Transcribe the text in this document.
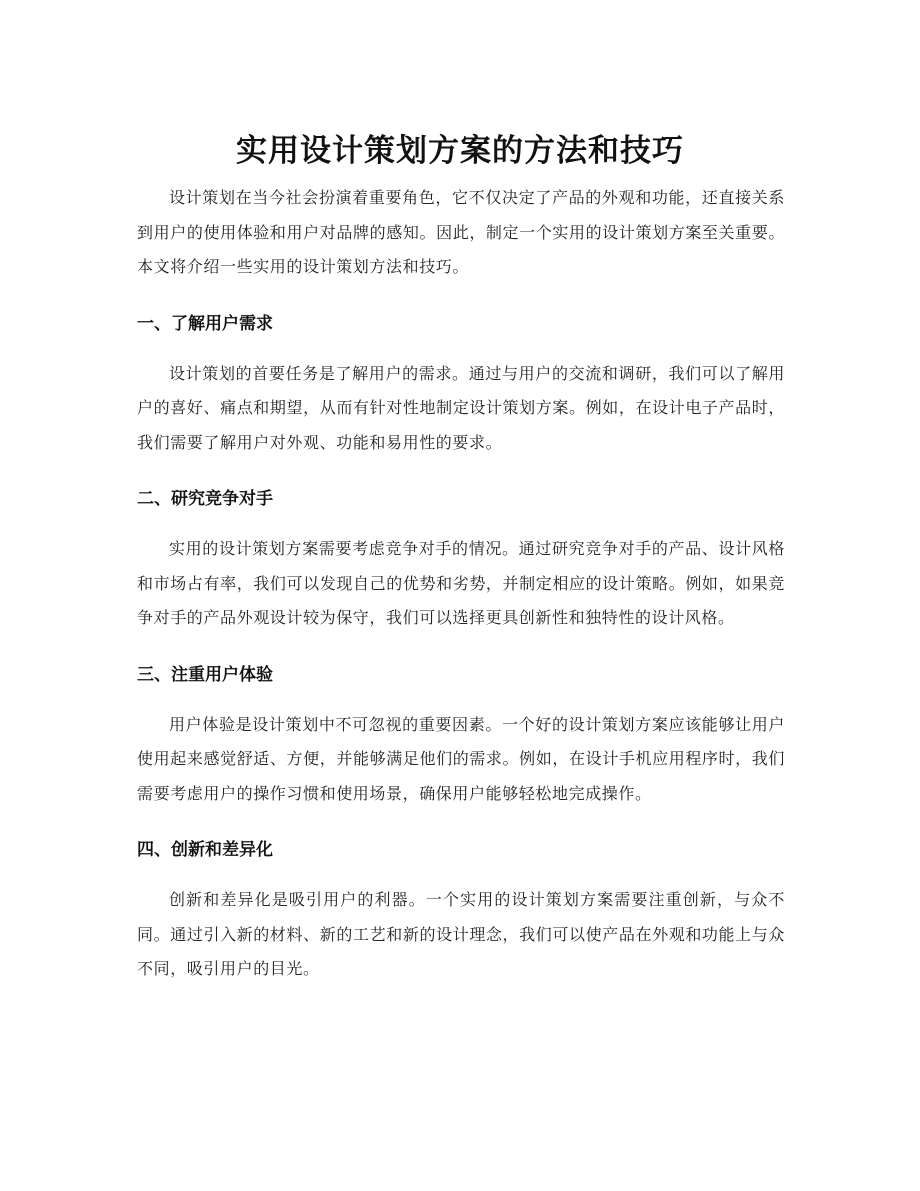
实用设计策划方案的方法和技巧

设计策划在当今社会扮演着重要角色，它不仅决定了产品的外观和功能，还直接关系到用户的使用体验和用户对品牌的感知。因此，制定一个实用的设计策划方案至关重要。本文将介绍一些实用的设计策划方法和技巧。

一、了解用户需求

设计策划的首要任务是了解用户的需求。通过与用户的交流和调研，我们可以了解用户的喜好、痛点和期望，从而有针对性地制定设计策划方案。例如，在设计电子产品时，我们需要了解用户对外观、功能和易用性的要求。

二、研究竞争对手

实用的设计策划方案需要考虑竞争对手的情况。通过研究竞争对手的产品、设计风格和市场占有率，我们可以发现自己的优势和劣势，并制定相应的设计策略。例如，如果竞争对手的产品外观设计较为保守，我们可以选择更具创新性和独特性的设计风格。

三、注重用户体验

用户体验是设计策划中不可忽视的重要因素。一个好的设计策划方案应该能够让用户使用起来感觉舒适、方便，并能够满足他们的需求。例如，在设计手机应用程序时，我们需要考虑用户的操作习惯和使用场景，确保用户能够轻松地完成操作。

四、创新和差异化

创新和差异化是吸引用户的利器。一个实用的设计策划方案需要注重创新，与众不同。通过引入新的材料、新的工艺和新的设计理念，我们可以使产品在外观和功能上与众不同，吸引用户的目光。
